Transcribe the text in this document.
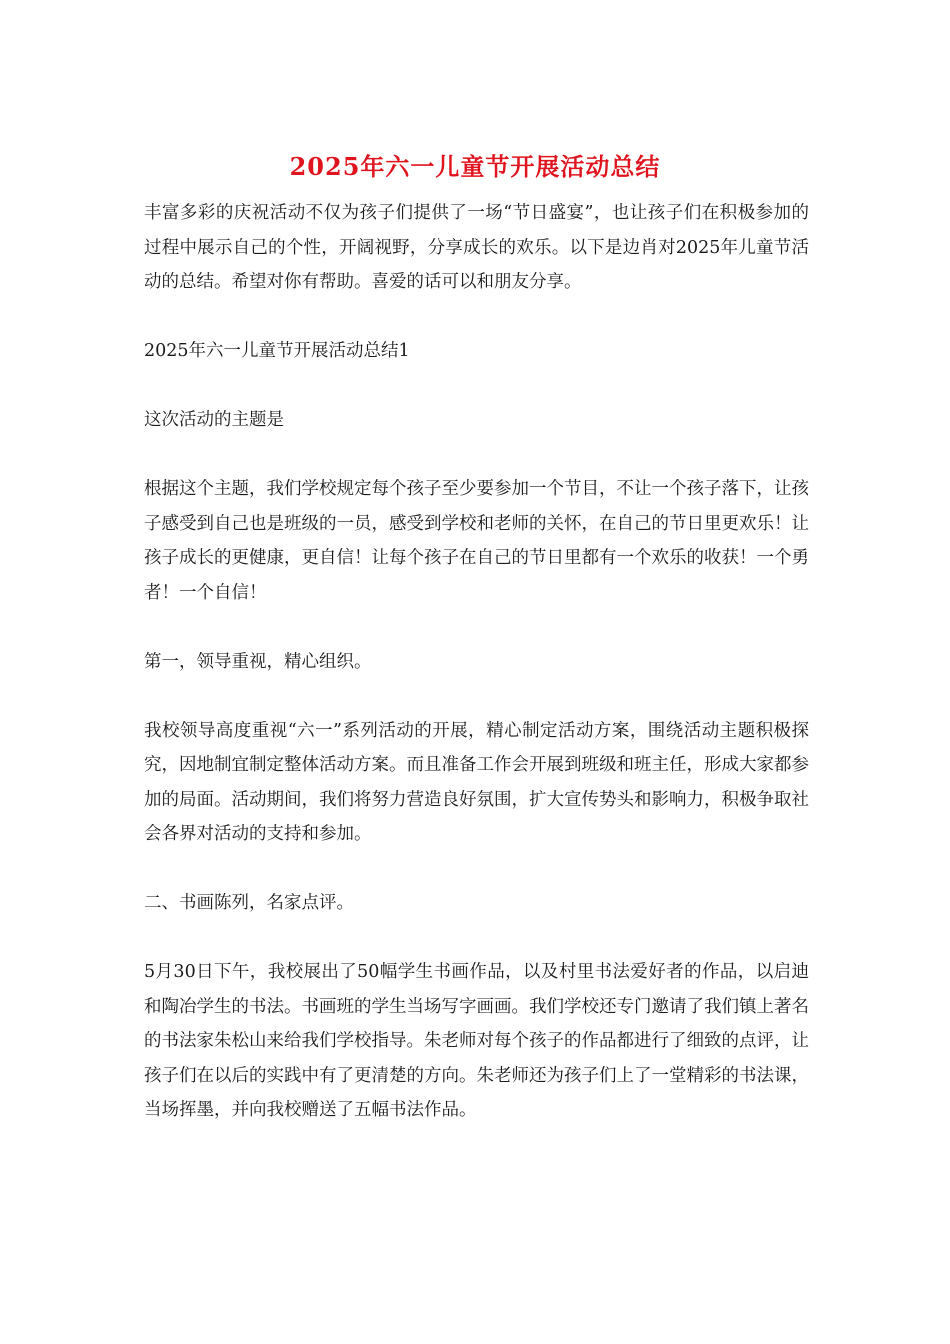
2025年六一儿童节开展活动总结

丰富多彩的庆祝活动不仅为孩子们提供了一场“节日盛宴”，也让孩子们在积极参加的过程中展示自己的个性，开阔视野，分享成长的欢乐。以下是边肖对2025年儿童节活动的总结。希望对你有帮助。喜爱的话可以和朋友分享。

2025年六一儿童节开展活动总结1

这次活动的主题是

根据这个主题，我们学校规定每个孩子至少要参加一个节目，不让一个孩子落下，让孩子感受到自己也是班级的一员，感受到学校和老师的关怀，在自己的节日里更欢乐！让孩子成长的更健康，更自信！让每个孩子在自己的节日里都有一个欢乐的收获！一个勇者！一个自信！

第一，领导重视，精心组织。

我校领导高度重视“六一”系列活动的开展，精心制定活动方案，围绕活动主题积极探究，因地制宜制定整体活动方案。而且准备工作会开展到班级和班主任，形成大家都参加的局面。活动期间，我们将努力营造良好氛围，扩大宣传势头和影响力，积极争取社会各界对活动的支持和参加。

二、书画陈列，名家点评。

5月30日下午，我校展出了50幅学生书画作品，以及村里书法爱好者的作品，以启迪和陶冶学生的书法。书画班的学生当场写字画画。我们学校还专门邀请了我们镇上著名的书法家朱松山来给我们学校指导。朱老师对每个孩子的作品都进行了细致的点评，让孩子们在以后的实践中有了更清楚的方向。朱老师还为孩子们上了一堂精彩的书法课，当场挥墨，并向我校赠送了五幅书法作品。
